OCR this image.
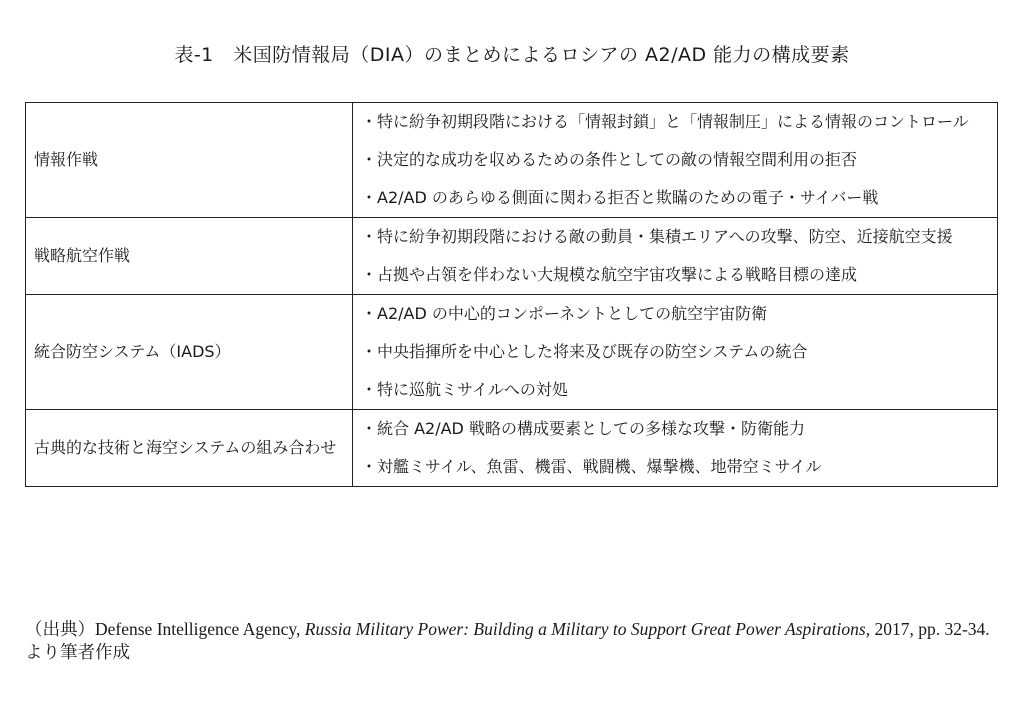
表-1　米国防情報局（DIA）のまとめによるロシアの A2/AD 能力の構成要素
情報作戦	・特に紛争初期段階における「情報封鎖」と「情報制圧」による情報のコントロール
・決定的な成功を収めるための条件としての敵の情報空間利用の拒否
・A2/AD のあらゆる側面に関わる拒否と欺瞞のための電子・サイバー戦

戦略航空作戦	・特に紛争初期段階における敵の動員・集積エリアへの攻撃、防空、近接航空支援
・占拠や占領を伴わない大規模な航空宇宙攻撃による戦略目標の達成

統合防空システム（IADS）	・A2/AD の中心的コンポーネントとしての航空宇宙防衛
・中央指揮所を中心とした将来及び既存の防空システムの統合
・特に巡航ミサイルへの対処

古典的な技術と海空システムの組み合わせ	・統合 A2/AD 戦略の構成要素としての多様な攻撃・防衛能力
・対艦ミサイル、魚雷、機雷、戦闘機、爆撃機、地帯空ミサイル
（出典）Defense Intelligence Agency, Russia Military Power: Building a Military to Support Great Power Aspirations, 2017, pp. 32-34.より筆者作成
